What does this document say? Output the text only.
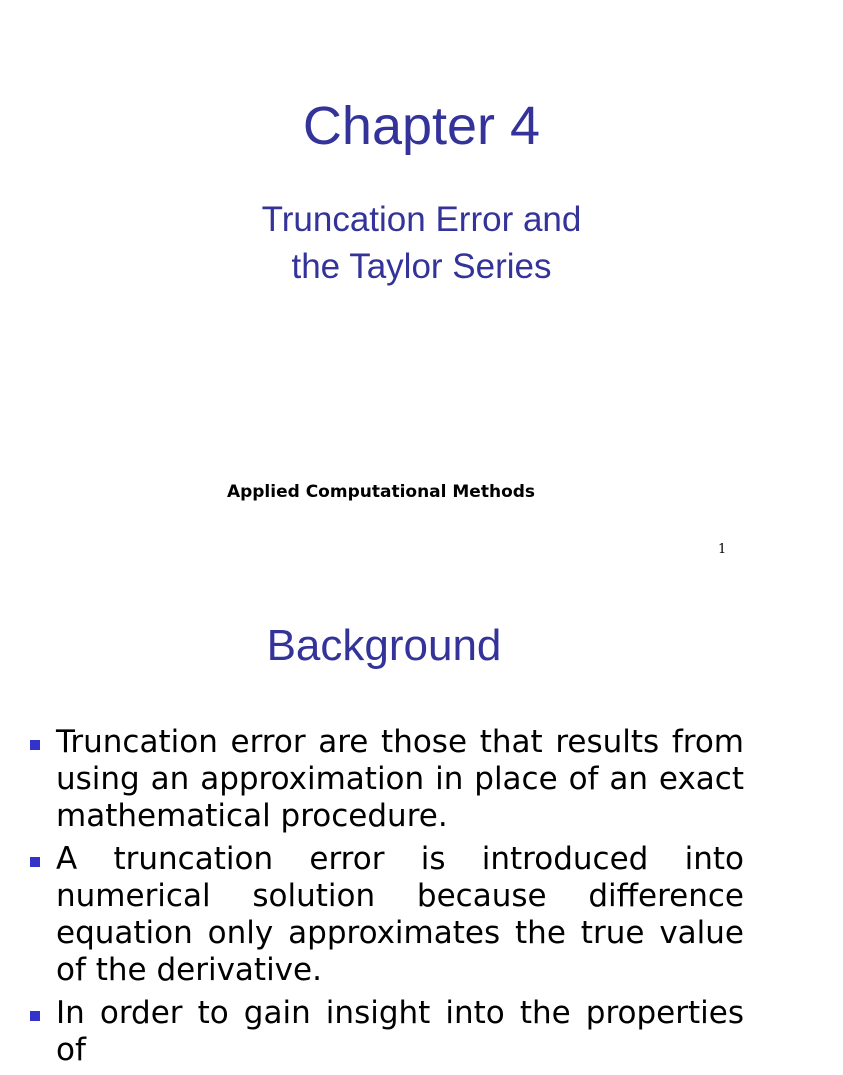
Chapter 4
Truncation Error and
the Taylor Series

Applied Computational Methods

1
Background
Truncation error are those that results from using an approximation in place of an exact mathematical procedure.
A truncation error is introduced into numerical solution because difference equation only approximates the true value of the derivative.
In order to gain insight into the properties of
